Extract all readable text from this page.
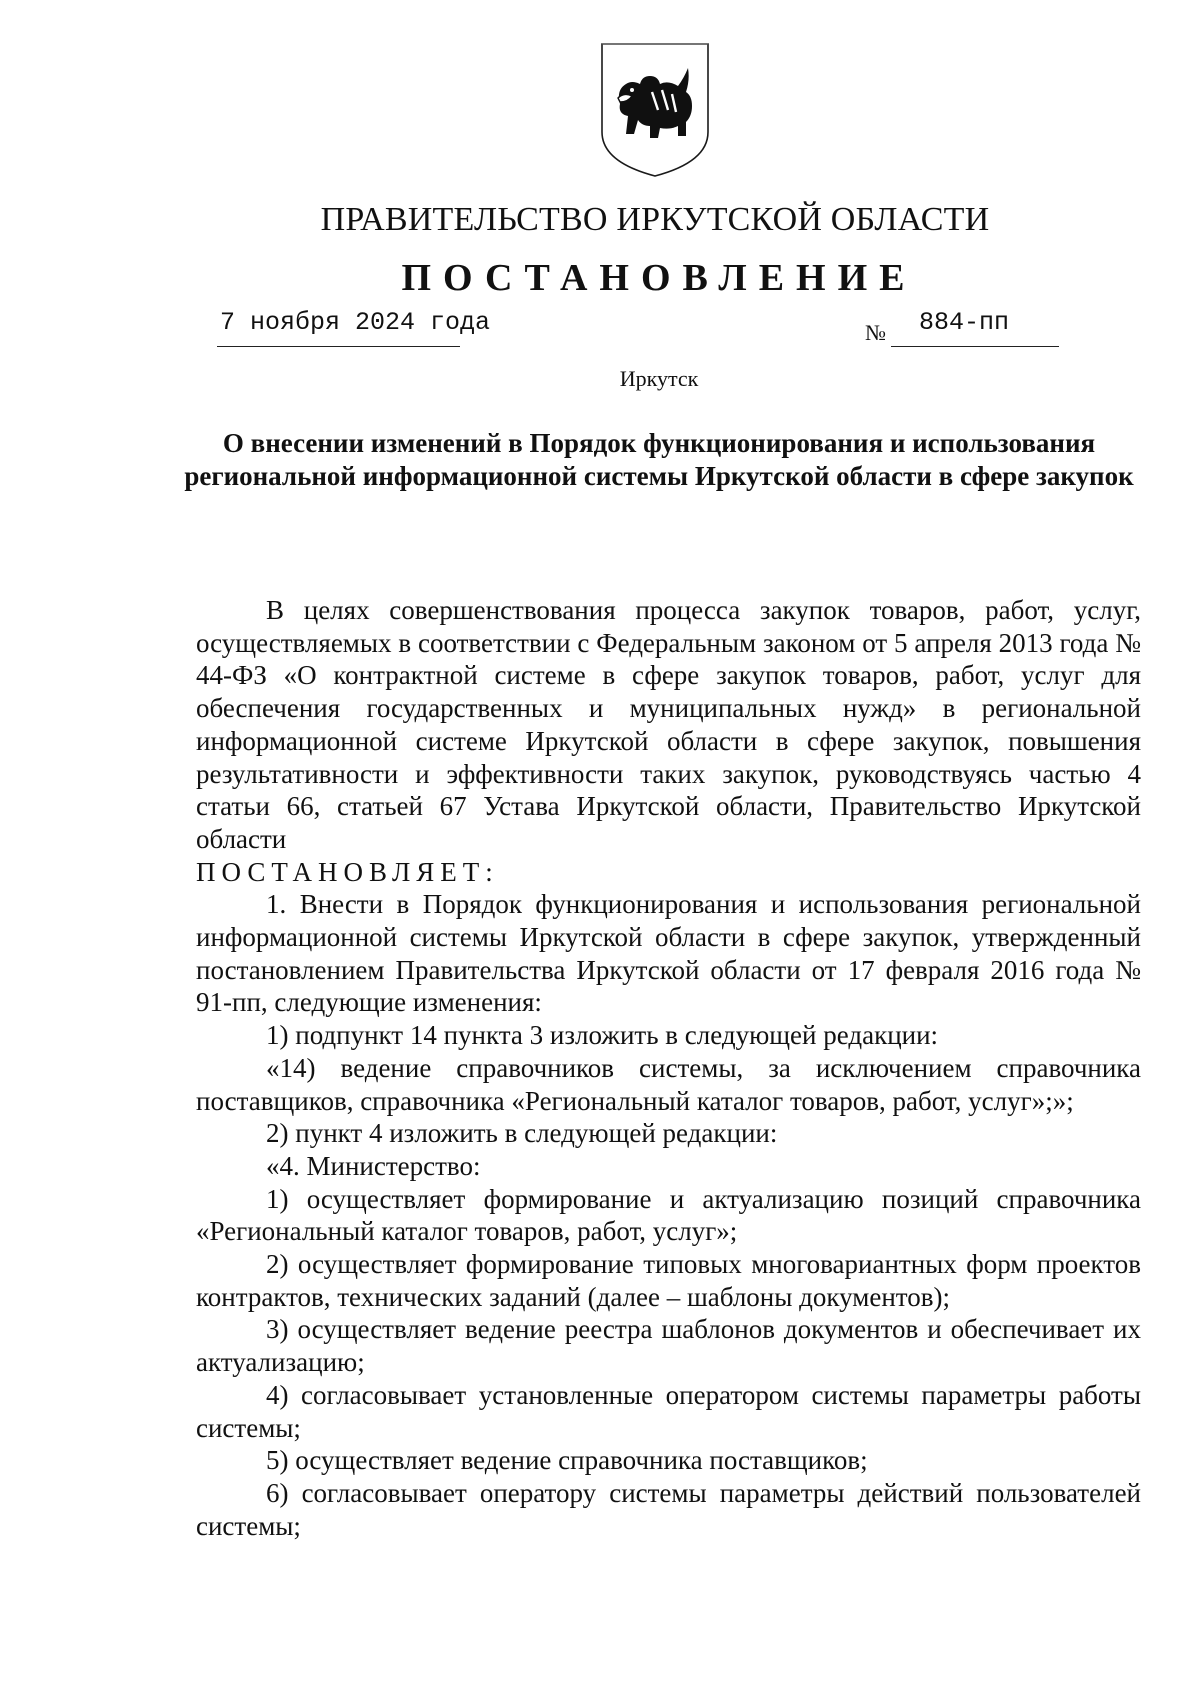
ПРАВИТЕЛЬСТВО ИРКУТСКОЙ ОБЛАСТИ
ПОСТАНОВЛЕНИЕ
7 ноября 2024 года	№ 884-пп
Иркутск
О внесении изменений в Порядок функционирования и использования региональной информационной системы Иркутской области в сфере закупок

В целях совершенствования процесса закупок товаров, работ, услуг, осуществляемых в соответствии с Федеральным законом от 5 апреля 2013 года № 44-ФЗ «О контрактной системе в сфере закупок товаров, работ, услуг для обеспечения государственных и муниципальных нужд» в региональной информационной системе Иркутской области в сфере закупок, повышения результативности и эффективности таких закупок, руководствуясь частью 4 статьи 66, статьей 67 Устава Иркутской области, Правительство Иркутской области

ПОСТАНОВЛЯЕТ:

1. Внести в Порядок функционирования и использования региональной информационной системы Иркутской области в сфере закупок, утвержденный постановлением Правительства Иркутской области от 17 февраля 2016 года № 91-пп, следующие изменения:

1) подпункт 14 пункта 3 изложить в следующей редакции:

«14) ведение справочников системы, за исключением справочника поставщиков, справочника «Региональный каталог товаров, работ, услуг»;»;

2) пункт 4 изложить в следующей редакции:

«4. Министерство:

1) осуществляет формирование и актуализацию позиций справочника «Региональный каталог товаров, работ, услуг»;

2) осуществляет формирование типовых многовариантных форм проектов контрактов, технических заданий (далее – шаблоны документов);

3) осуществляет ведение реестра шаблонов документов и обеспечивает их актуализацию;

4) согласовывает установленные оператором системы параметры работы системы;

5) осуществляет ведение справочника поставщиков;

6) согласовывает оператору системы параметры действий пользователей системы;
